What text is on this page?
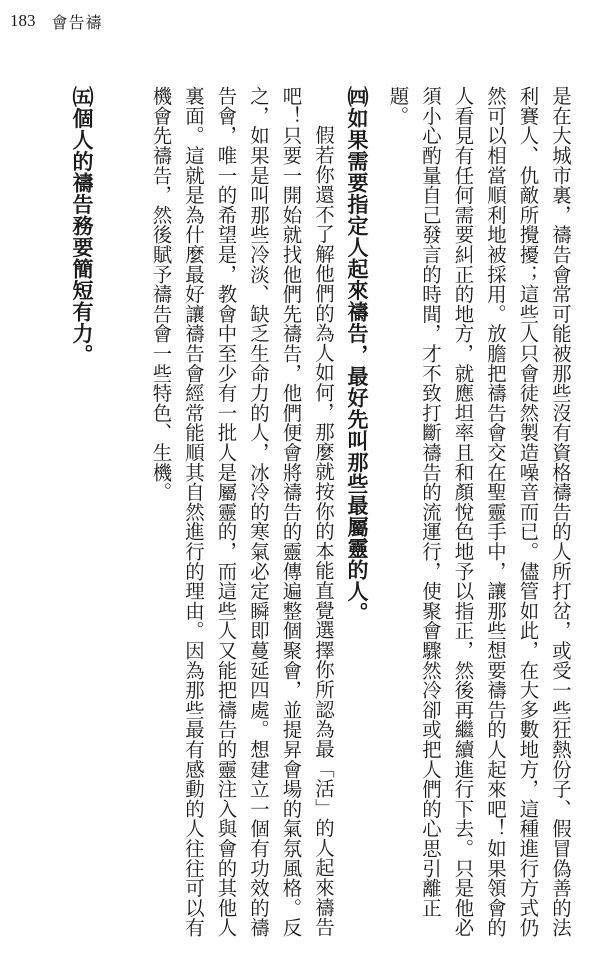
183 會告禱

是在大城市裏，禱告會常可能被那些沒有資格禱告的人所打岔，或受一些狂熱份子、假冒偽善的法利賽人、仇敵所攪擾；這些人只會徒然製造噪音而已。儘管如此，在大多數地方，這種進行方式仍然可以相當順利地被採用。放膽把禱告會交在聖靈手中，讓那些想要禱告的人起來吧！如果領會的人看見有任何需要糾正的地方，就應坦率且和顏悅色地予以指正，然後再繼續進行下去。只是他必須小心酌量自己發言的時間，才不致打斷禱告的流運行，使聚會驟然冷卻或把人們的心思引離正題。

㈣如果需要指定人起來禱告，最好先叫那些最屬靈的人。

假若你還不了解他們的為人如何，那麼就按你的本能直覺選擇你所認為最「活」的人起來禱告吧！只要一開始就找他們先禱告，他們便會將禱告的靈傳遍整個聚會，並提昇會場的氣氛風格。反之，如果是叫那些冷淡、缺乏生命力的人，冰冷的寒氣必定瞬即蔓延四處。想建立一個有功效的禱告會，唯一的希望是，教會中至少有一批人是屬靈的，而這些人又能把禱告的靈注入與會的其他人裏面。這就是為什麼最好讓禱告會經常能順其自然進行的理由。因為那些最有感動的人往往可以有機會先禱告，然後賦予禱告會一些特色、生機。

㈤個人的禱告務要簡短有力。
